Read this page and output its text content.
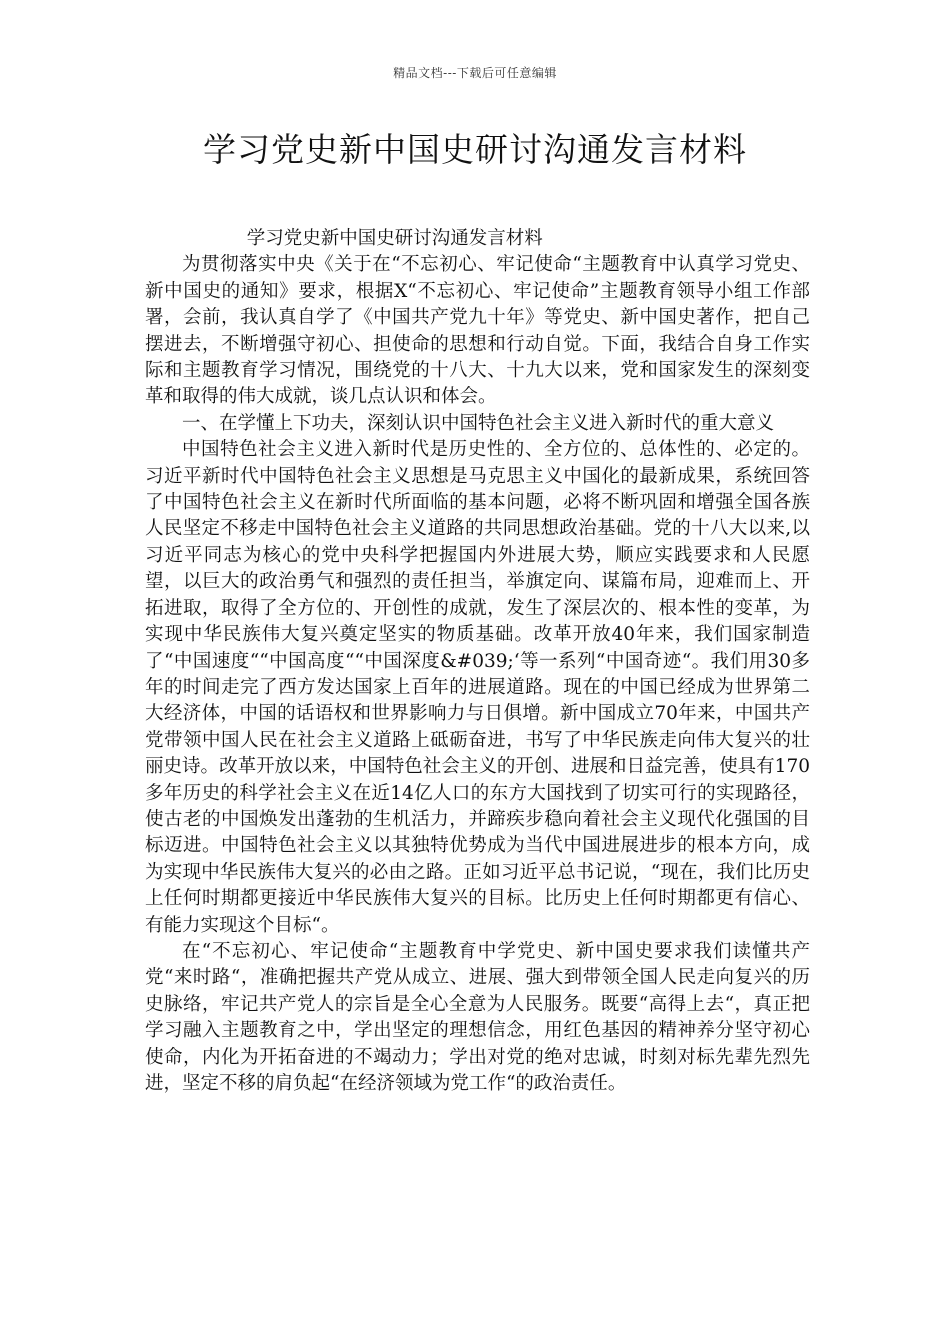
精品文档---下载后可任意编辑
学习党史新中国史研讨沟通发言材料

学习党史新中国史研讨沟通发言材料

为贯彻落实中央《关于在“不忘初心、牢记使命“主题教育中认真学习党史、新中国史的通知》要求，根据X“不忘初心、牢记使命”主题教育领导小组工作部署，会前，我认真自学了《中国共产党九十年》等党史、新中国史著作，把自己摆进去，不断增强守初心、担使命的思想和行动自觉。下面，我结合自身工作实际和主题教育学习情况，围绕党的十八大、十九大以来，党和国家发生的深刻变革和取得的伟大成就，谈几点认识和体会。

一、在学懂上下功夫，深刻认识中国特色社会主义进入新时代的重大意义

中国特色社会主义进入新时代是历史性的、全方位的、总体性的、必定的。习近平新时代中国特色社会主义思想是马克思主义中国化的最新成果，系统回答了中国特色社会主义在新时代所面临的基本问题，必将不断巩固和增强全国各族人民坚定不移走中国特色社会主义道路的共同思想政治基础。党的十八大以来,以习近平同志为核心的党中央科学把握国内外进展大势，顺应实践要求和人民愿望，以巨大的政治勇气和强烈的责任担当，举旗定向、谋篇布局，迎难而上、开拓进取，取得了全方位的、开创性的成就，发生了深层次的、根本性的变革，为实现中华民族伟大复兴奠定坚实的物质基础。改革开放40年来，我们国家制造了“中国速度““中国高度““中国深度&#039;‘等一系列“中国奇迹“。我们用30多年的时间走完了西方发达国家上百年的进展道路。现在的中国已经成为世界第二大经济体，中国的话语权和世界影响力与日俱增。新中国成立70年来，中国共产党带领中国人民在社会主义道路上砥砺奋进，书写了中华民族走向伟大复兴的壮丽史诗。改革开放以来，中国特色社会主义的开创、进展和日益完善，使具有170多年历史的科学社会主义在近14亿人口的东方大国找到了切实可行的实现路径，使古老的中国焕发出蓬勃的生机活力，并蹄疾步稳向着社会主义现代化强国的目标迈进。中国特色社会主义以其独特优势成为当代中国进展进步的根本方向，成为实现中华民族伟大复兴的必由之路。正如习近平总书记说，“现在，我们比历史上任何时期都更接近中华民族伟大复兴的目标。比历史上任何时期都更有信心、有能力实现这个目标“。

在“不忘初心、牢记使命“主题教育中学党史、新中国史要求我们读懂共产党“来时路“，准确把握共产党从成立、进展、强大到带领全国人民走向复兴的历史脉络，牢记共产党人的宗旨是全心全意为人民服务。既要“高得上去“，真正把学习融入主题教育之中，学出坚定的理想信念，用红色基因的精神养分坚守初心使命，内化为开拓奋进的不竭动力；学出对党的绝对忠诚，时刻对标先辈先烈先进，坚定不移的肩负起“在经济领域为党工作“的政治责任。
